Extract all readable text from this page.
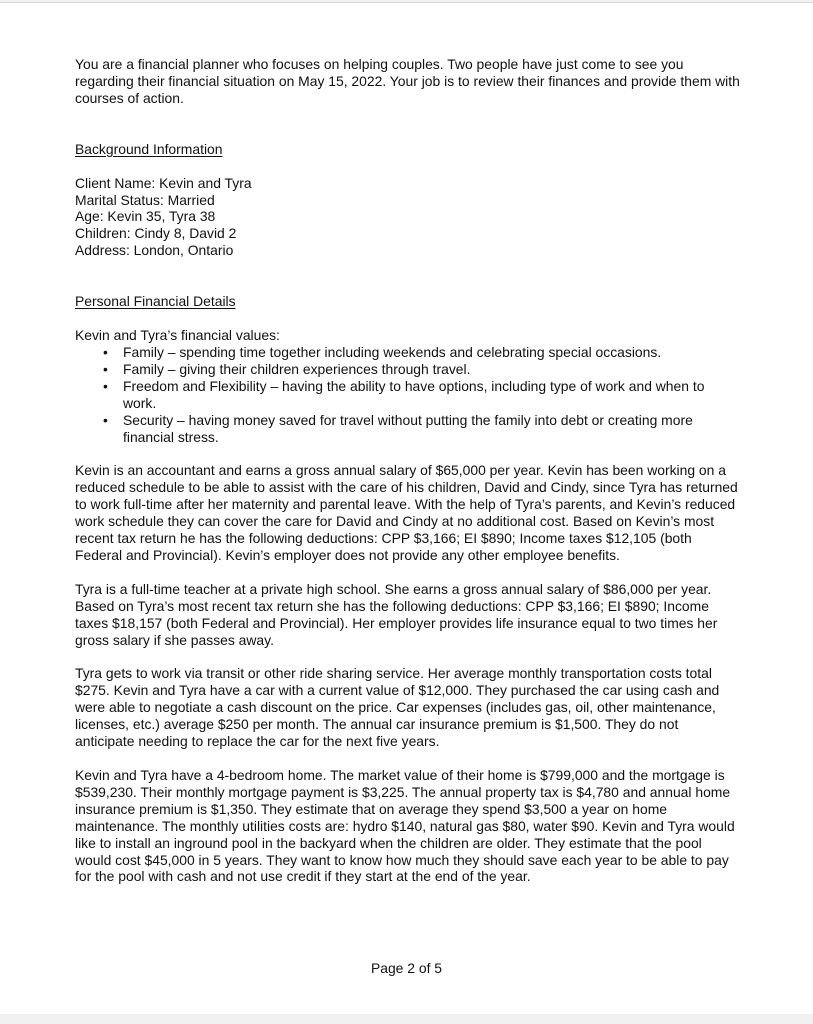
You are a financial planner who focuses on helping couples. Two people have just come to see you regarding their financial situation on May 15, 2022. Your job is to review their finances and provide them with courses of action.

Background Information

Client Name: Kevin and Tyra

Marital Status: Married

Age: Kevin 35, Tyra 38

Children: Cindy 8, David 2

Address: London, Ontario

Personal Financial Details

Kevin and Tyra’s financial values:

• Family – spending time together including weekends and celebrating special occasions.
• Family – giving their children experiences through travel.
• Freedom and Flexibility – having the ability to have options, including type of work and when to work.
• Security – having money saved for travel without putting the family into debt or creating more financial stress.

Kevin is an accountant and earns a gross annual salary of $65,000 per year. Kevin has been working on a reduced schedule to be able to assist with the care of his children, David and Cindy, since Tyra has returned to work full-time after her maternity and parental leave. With the help of Tyra’s parents, and Kevin’s reduced work schedule they can cover the care for David and Cindy at no additional cost. Based on Kevin’s most recent tax return he has the following deductions: CPP $3,166; EI $890; Income taxes $12,105 (both Federal and Provincial). Kevin’s employer does not provide any other employee benefits.

Tyra is a full-time teacher at a private high school. She earns a gross annual salary of $86,000 per year. Based on Tyra’s most recent tax return she has the following deductions: CPP $3,166; EI $890; Income taxes $18,157 (both Federal and Provincial). Her employer provides life insurance equal to two times her gross salary if she passes away.

Tyra gets to work via transit or other ride sharing service. Her average monthly transportation costs total $275. Kevin and Tyra have a car with a current value of $12,000. They purchased the car using cash and were able to negotiate a cash discount on the price. Car expenses (includes gas, oil, other maintenance, licenses, etc.) average $250 per month. The annual car insurance premium is $1,500. They do not anticipate needing to replace the car for the next five years.

Kevin and Tyra have a 4-bedroom home. The market value of their home is $799,000 and the mortgage is $539,230. Their monthly mortgage payment is $3,225. The annual property tax is $4,780 and annual home insurance premium is $1,350. They estimate that on average they spend $3,500 a year on home maintenance. The monthly utilities costs are: hydro $140, natural gas $80, water $90. Kevin and Tyra would like to install an inground pool in the backyard when the children are older. They estimate that the pool would cost $45,000 in 5 years. They want to know how much they should save each year to be able to pay for the pool with cash and not use credit if they start at the end of the year.

Page 2 of 5
